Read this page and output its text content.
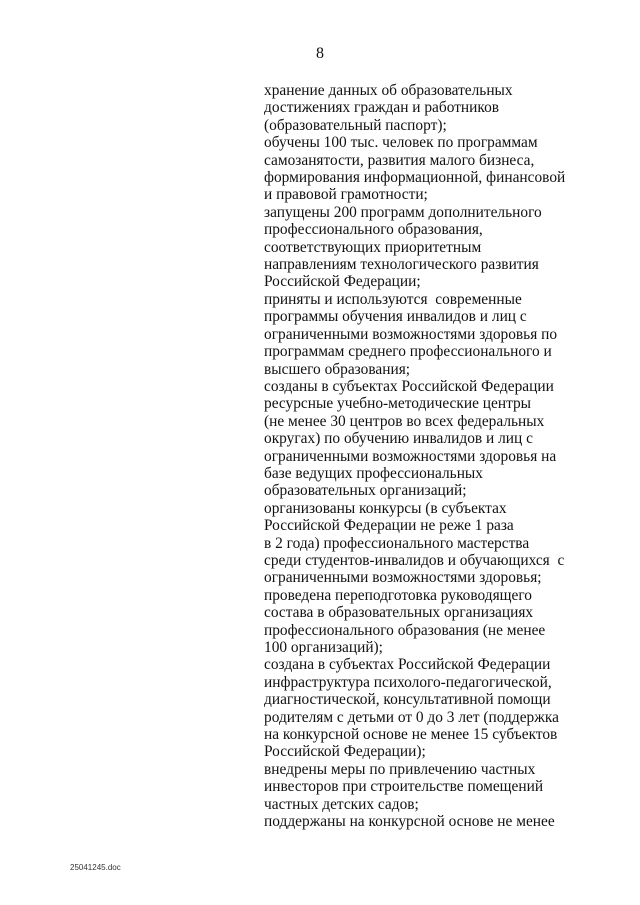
8
хранение данных об образовательных
достижениях граждан и работников
(образовательный паспорт);
обучены 100 тыс. человек по программам
самозанятости, развития малого бизнеса,
формирования информационной, финансовой
и правовой грамотности;
запущены 200 программ дополнительного
профессионального образования,
соответствующих приоритетным
направлениям технологического развития
Российской Федерации;
приняты и используются  современные
программы обучения инвалидов и лиц с
ограниченными возможностями здоровья по
программам среднего профессионального и
высшего образования;
созданы в субъектах Российской Федерации
ресурсные учебно-методические центры
(не менее 30 центров во всех федеральных
округах) по обучению инвалидов и лиц с
ограниченными возможностями здоровья на
базе ведущих профессиональных
образовательных организаций;
организованы конкурсы (в субъектах
Российской Федерации не реже 1 раза
в 2 года) профессионального мастерства
среди студентов-инвалидов и обучающихся  с
ограниченными возможностями здоровья;
проведена переподготовка руководящего
состава в образовательных организациях
профессионального образования (не менее
100 организаций);
создана в субъектах Российской Федерации
инфраструктура психолого-педагогической,
диагностической, консультативной помощи
родителям с детьми от 0 до 3 лет (поддержка
на конкурсной основе не менее 15 субъектов
Российской Федерации);
внедрены меры по привлечению частных
инвесторов при строительстве помещений
частных детских садов;
поддержаны на конкурсной основе не менее
25041245.doc
